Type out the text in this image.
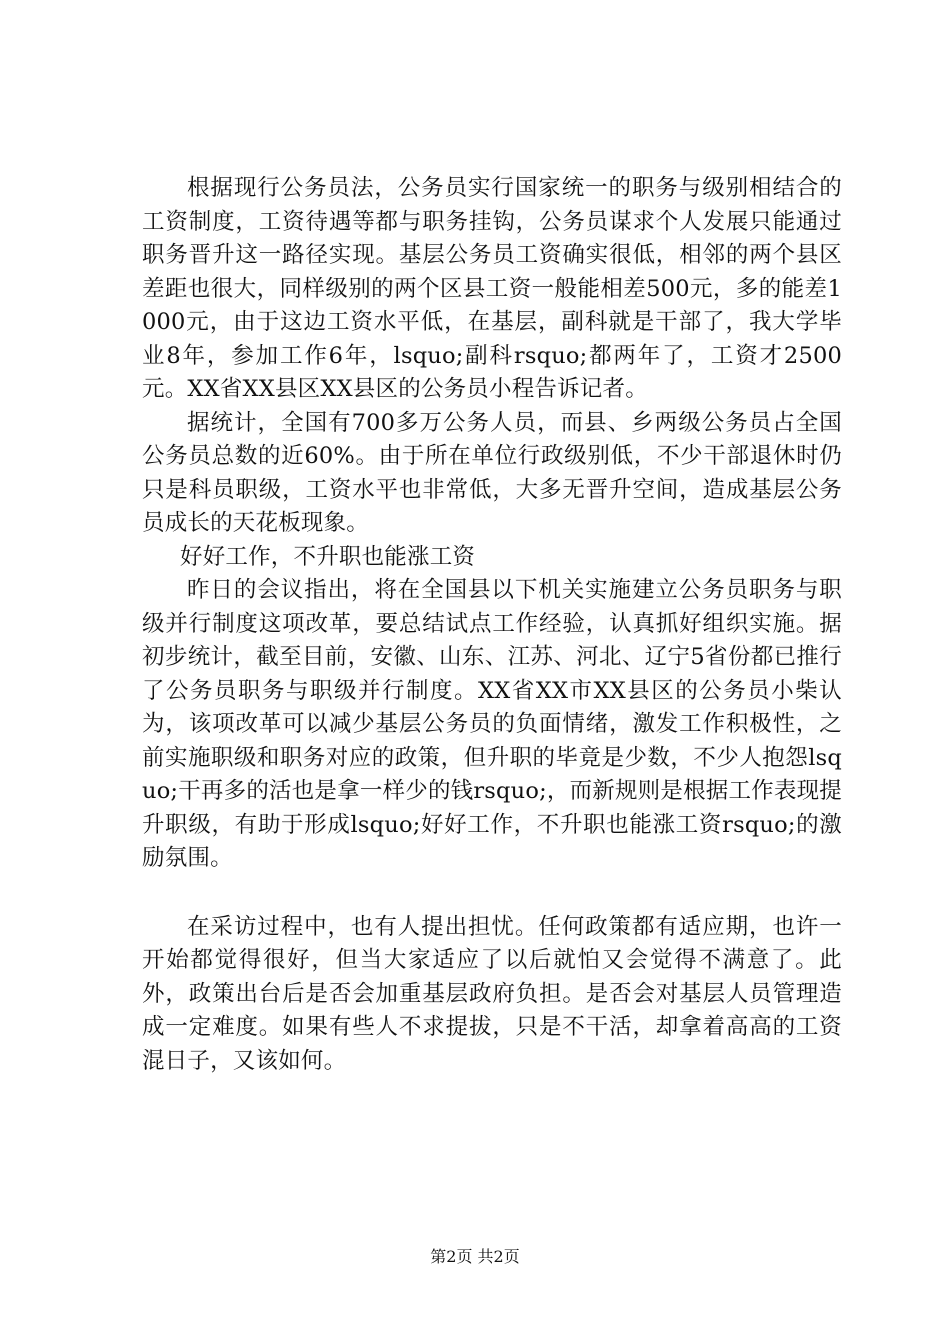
根据现行公务员法，公务员实行国家统一的职务与级别相结合的工资制度，工资待遇等都与职务挂钩，公务员谋求个人发展只能通过职务晋升这一路径实现。基层公务员工资确实很低，相邻的两个县区差距也很大，同样级别的两个区县工资一般能相差500元，多的能差1000元，由于这边工资水平低，在基层，副科就是干部了，我大学毕业8年，参加工作6年，lsquo;副科rsquo;都两年了，工资才2500元。XX省XX县区XX县区的公务员小程告诉记者。

据统计，全国有700多万公务人员，而县、乡两级公务员占全国公务员总数的近60%。由于所在单位行政级别低，不少干部退休时仍只是科员职级，工资水平也非常低，大多无晋升空间，造成基层公务员成长的天花板现象。

好好工作，不升职也能涨工资

昨日的会议指出，将在全国县以下机关实施建立公务员职务与职级并行制度这项改革，要总结试点工作经验，认真抓好组织实施。据初步统计，截至目前，安徽、山东、江苏、河北、辽宁5省份都已推行了公务员职务与职级并行制度。XX省XX市XX县区的公务员小柴认为，该项改革可以减少基层公务员的负面情绪，激发工作积极性，之前实施职级和职务对应的政策，但升职的毕竟是少数，不少人抱怨lsquo;干再多的活也是拿一样少的钱rsquo;，而新规则是根据工作表现提升职级，有助于形成lsquo;好好工作，不升职也能涨工资rsquo;的激励氛围。

在采访过程中，也有人提出担忧。任何政策都有适应期，也许一开始都觉得很好，但当大家适应了以后就怕又会觉得不满意了。此外，政策出台后是否会加重基层政府负担。是否会对基层人员管理造成一定难度。如果有些人不求提拔，只是不干活，却拿着高高的工资混日子，又该如何。

第2页 共2页
